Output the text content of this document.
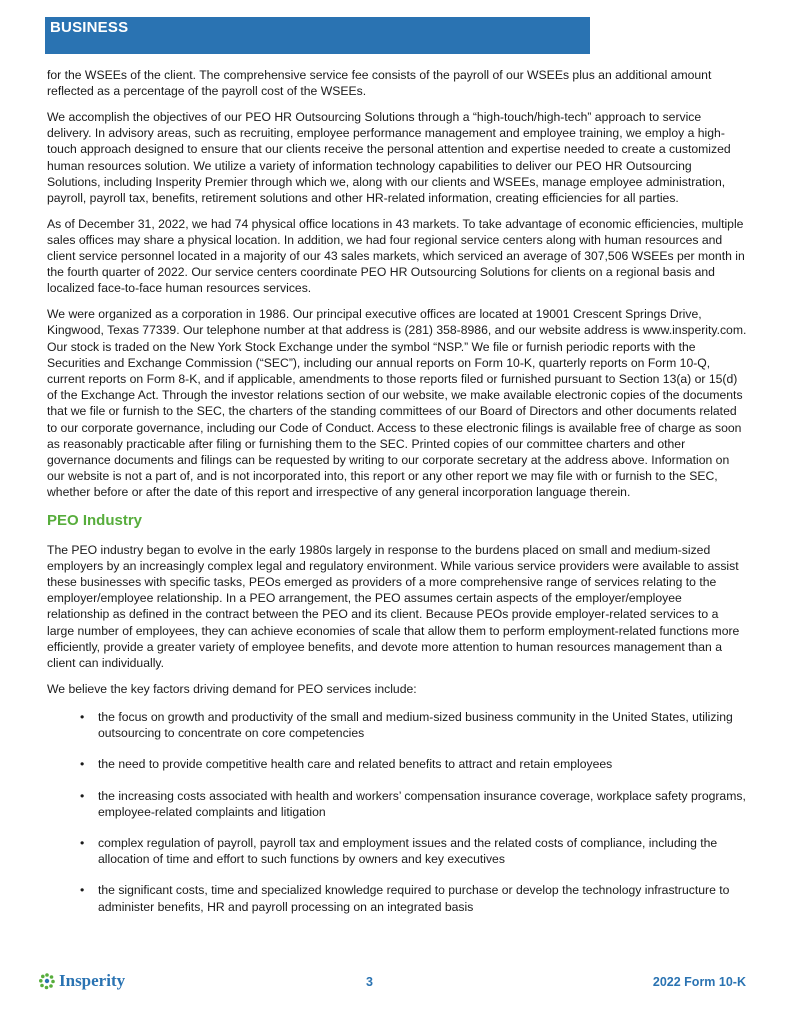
BUSINESS

for the WSEEs of the client. The comprehensive service fee consists of the payroll of our WSEEs plus an additional amount reflected as a percentage of the payroll cost of the WSEEs.

We accomplish the objectives of our PEO HR Outsourcing Solutions through a “high-touch/high-tech” approach to service delivery. In advisory areas, such as recruiting, employee performance management and employee training, we employ a high-touch approach designed to ensure that our clients receive the personal attention and expertise needed to create a customized human resources solution. We utilize a variety of information technology capabilities to deliver our PEO HR Outsourcing Solutions, including Insperity Premier through which we, along with our clients and WSEEs, manage employee administration, payroll, payroll tax, benefits, retirement solutions and other HR-related information, creating efficiencies for all parties.

As of December 31, 2022, we had 74 physical office locations in 43 markets. To take advantage of economic efficiencies, multiple sales offices may share a physical location. In addition, we had four regional service centers along with human resources and client service personnel located in a majority of our 43 sales markets, which serviced an average of 307,506 WSEEs per month in the fourth quarter of 2022. Our service centers coordinate PEO HR Outsourcing Solutions for clients on a regional basis and localized face-to-face human resources services.

We were organized as a corporation in 1986. Our principal executive offices are located at 19001 Crescent Springs Drive, Kingwood, Texas 77339. Our telephone number at that address is (281) 358-8986, and our website address is www.insperity.com. Our stock is traded on the New York Stock Exchange under the symbol “NSP.” We file or furnish periodic reports with the Securities and Exchange Commission (“SEC”), including our annual reports on Form 10-K, quarterly reports on Form 10-Q, current reports on Form 8-K, and if applicable, amendments to those reports filed or furnished pursuant to Section 13(a) or 15(d) of the Exchange Act. Through the investor relations section of our website, we make available electronic copies of the documents that we file or furnish to the SEC, the charters of the standing committees of our Board of Directors and other documents related to our corporate governance, including our Code of Conduct. Access to these electronic filings is available free of charge as soon as reasonably practicable after filing or furnishing them to the SEC. Printed copies of our committee charters and other governance documents and filings can be requested by writing to our corporate secretary at the address above. Information on our website is not a part of, and is not incorporated into, this report or any other report we may file with or furnish to the SEC, whether before or after the date of this report and irrespective of any general incorporation language therein.

PEO Industry

The PEO industry began to evolve in the early 1980s largely in response to the burdens placed on small and medium-sized employers by an increasingly complex legal and regulatory environment. While various service providers were available to assist these businesses with specific tasks, PEOs emerged as providers of a more comprehensive range of services relating to the employer/employee relationship. In a PEO arrangement, the PEO assumes certain aspects of the employer/employee relationship as defined in the contract between the PEO and its client. Because PEOs provide employer-related services to a large number of employees, they can achieve economies of scale that allow them to perform employment-related functions more efficiently, provide a greater variety of employee benefits, and devote more attention to human resources management than a client can individually.

We believe the key factors driving demand for PEO services include:

• the focus on growth and productivity of the small and medium-sized business community in the United States, utilizing outsourcing to concentrate on core competencies
• the need to provide competitive health care and related benefits to attract and retain employees
• the increasing costs associated with health and workers’ compensation insurance coverage, workplace safety programs, employee-related complaints and litigation
• complex regulation of payroll, payroll tax and employment issues and the related costs of compliance, including the allocation of time and effort to such functions by owners and key executives
• the significant costs, time and specialized knowledge required to purchase or develop the technology infrastructure to administer benefits, HR and payroll processing on an integrated basis
Insperity	3	2022 Form 10-K
